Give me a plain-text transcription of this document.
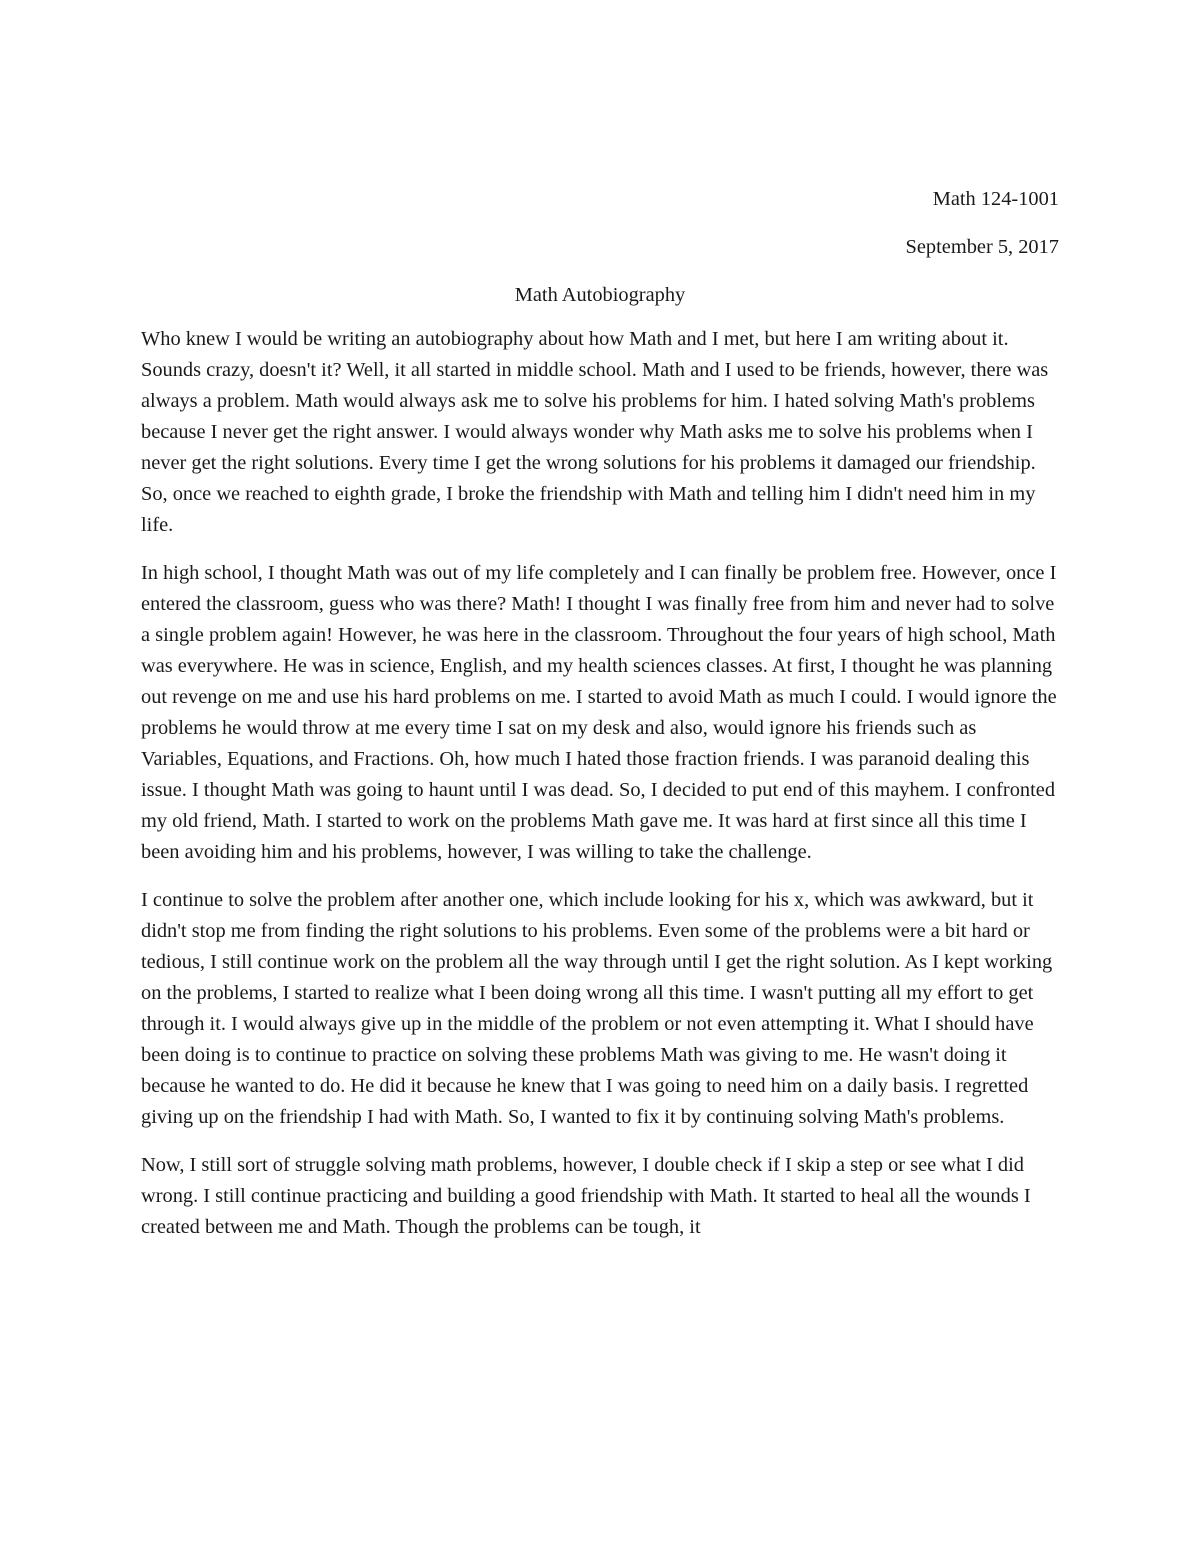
Math 124-1001

September 5, 2017

Math Autobiography

Who knew I would be writing an autobiography about how Math and I met, but here I am writing about it. Sounds crazy, doesn't it? Well, it all started in middle school. Math and I used to be friends, however, there was always a problem. Math would always ask me to solve his problems for him. I hated solving Math's problems because I never get the right answer. I would always wonder why Math asks me to solve his problems when I never get the right solutions. Every time I get the wrong solutions for his problems it damaged our friendship. So, once we reached to eighth grade, I broke the friendship with Math and telling him I didn't need him in my life.

In high school, I thought Math was out of my life completely and I can finally be problem free. However, once I entered the classroom, guess who was there? Math! I thought I was finally free from him and never had to solve a single problem again! However, he was here in the classroom. Throughout the four years of high school, Math was everywhere. He was in science, English, and my health sciences classes. At first, I thought he was planning out revenge on me and use his hard problems on me. I started to avoid Math as much I could. I would ignore the problems he would throw at me every time I sat on my desk and also, would ignore his friends such as Variables, Equations, and Fractions. Oh, how much I hated those fraction friends. I was paranoid dealing this issue. I thought Math was going to haunt until I was dead. So, I decided to put end of this mayhem. I confronted my old friend, Math. I started to work on the problems Math gave me. It was hard at first since all this time I been avoiding him and his problems, however, I was willing to take the challenge.

I continue to solve the problem after another one, which include looking for his x, which was awkward, but it didn't stop me from finding the right solutions to his problems. Even some of the problems were a bit hard or tedious, I still continue work on the problem all the way through until I get the right solution. As I kept working on the problems, I started to realize what I been doing wrong all this time. I wasn't putting all my effort to get through it. I would always give up in the middle of the problem or not even attempting it. What I should have been doing is to continue to practice on solving these problems Math was giving to me. He wasn't doing it because he wanted to do. He did it because he knew that I was going to need him on a daily basis. I regretted giving up on the friendship I had with Math. So, I wanted to fix it by continuing solving Math's problems.

Now, I still sort of struggle solving math problems, however, I double check if I skip a step or see what I did wrong. I still continue practicing and building a good friendship with Math. It started to heal all the wounds I created between me and Math. Though the problems can be tough, it
